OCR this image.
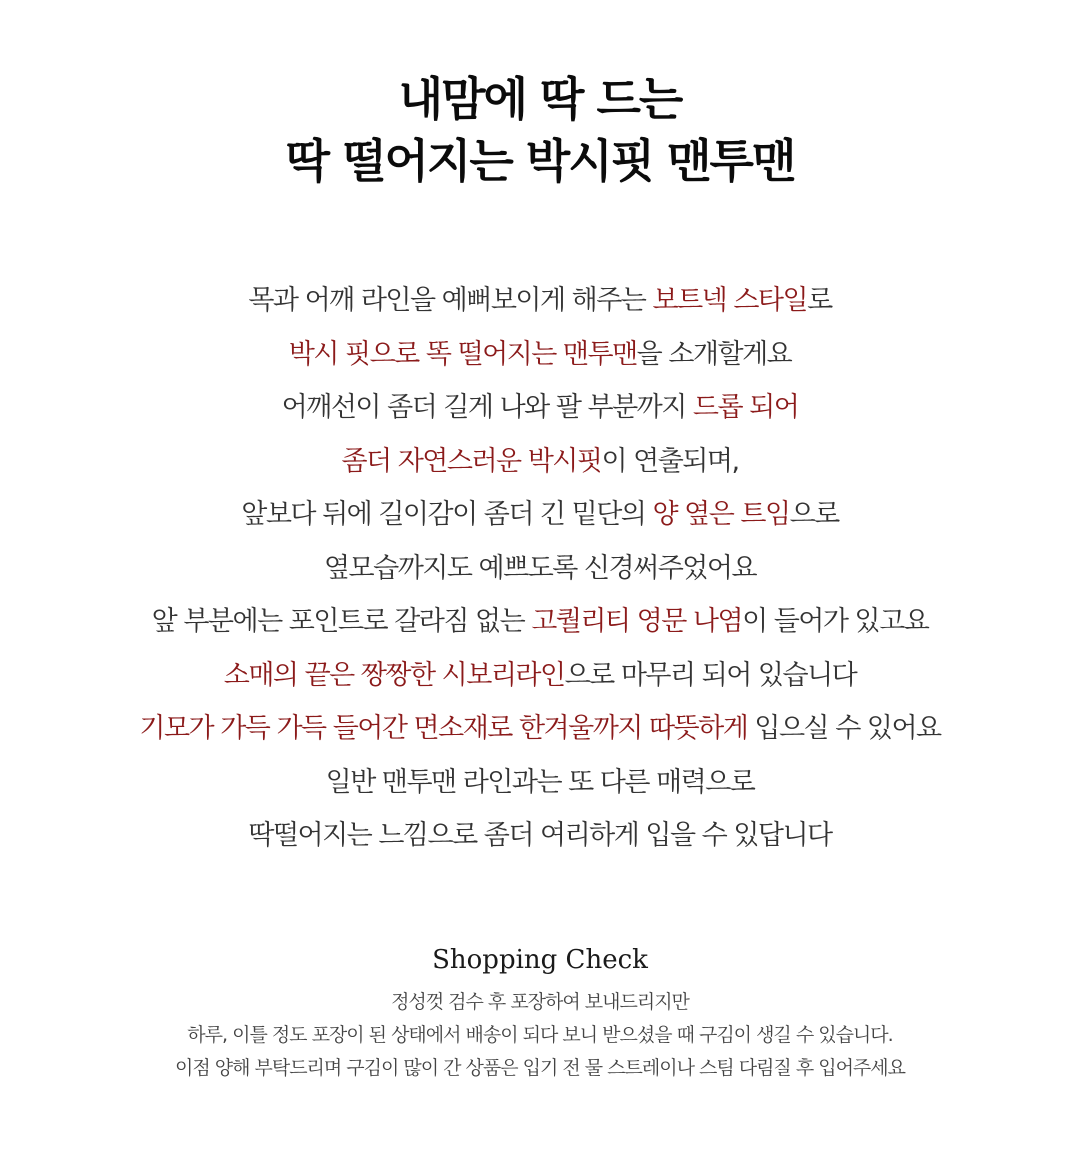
내맘에 딱 드는
딱 떨어지는 박시핏 맨투맨
목과 어깨 라인을 예뻐보이게 해주는 보트넥 스타일로
박시 핏으로 똑 떨어지는 맨투맨을 소개할게요
어깨선이 좀더 길게 나와 팔 부분까지 드롭 되어
좀더 자연스러운 박시핏이 연출되며,
앞보다 뒤에 길이감이 좀더 긴 밑단의 양 옆은 트임으로
옆모습까지도 예쁘도록 신경써주었어요
앞 부분에는 포인트로 갈라짐 없는 고퀄리티 영문 나염이 들어가 있고요
소매의 끝은 짱짱한 시보리라인으로 마무리 되어 있습니다
기모가 가득 가득 들어간 면소재로 한겨울까지 따뜻하게 입으실 수 있어요
일반 맨투맨 라인과는 또 다른 매력으로
딱떨어지는 느낌으로 좀더 여리하게 입을 수 있답니다
Shopping Check
정성껏 검수 후 포장하여 보내드리지만
하루, 이틀 정도 포장이 된 상태에서 배송이 되다 보니 받으셨을 때 구김이 생길 수 있습니다.
이점 양해 부탁드리며 구김이 많이 간 상품은 입기 전 물 스트레이나 스팀 다림질 후 입어주세요
